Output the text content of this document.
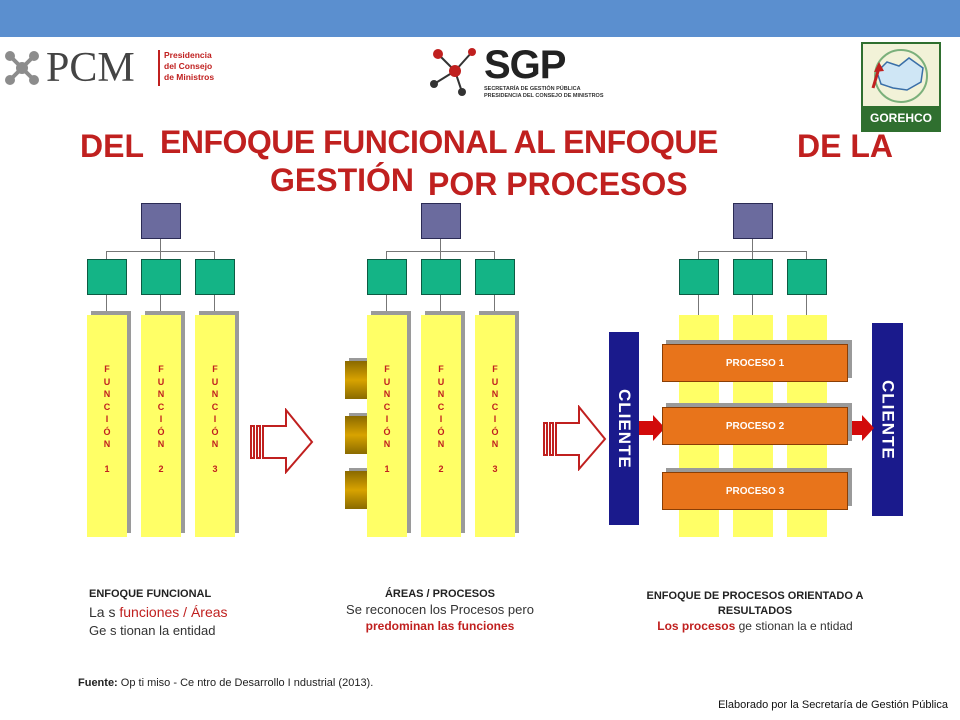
PCM	Presidencia
del Consejo
de Ministros	SGP
SECRETARÍA DE GESTIÓN PÚBLICA
PRESIDENCIA DEL CONSEJO DE MINISTROS
GOREHCO
DEL ENFOQUE FUNCIONAL AL ENFOQUE DE LA
GESTIÓN POR PROCESOS
F
U
N
C
I
Ó
N

1
F
U
N
C
I
Ó
N

2
F
U
N
C
I
Ó
N

3
F
U
N
C
I
Ó
N

1
F
U
N
C
I
Ó
N

2
F
U
N
C
I
Ó
N

3
CLIENTE	CLIENTE
PROCESO 1
PROCESO 2
PROCESO 3
ENFOQUE FUNCIONAL
La s funciones / Áreas
Ge s tionan la entidad
ÁREAS / PROCESOS
Se reconocen los Procesos pero
predominan las funciones
ENFOQUE DE PROCESOS ORIENTADO A
RESULTADOS
Los procesos ge stionan la e ntidad
Fuente: Op ti miso - Ce ntro de Desarrollo I ndustrial (2013).
Elaborado por la Secretaría de Gestión Pública
